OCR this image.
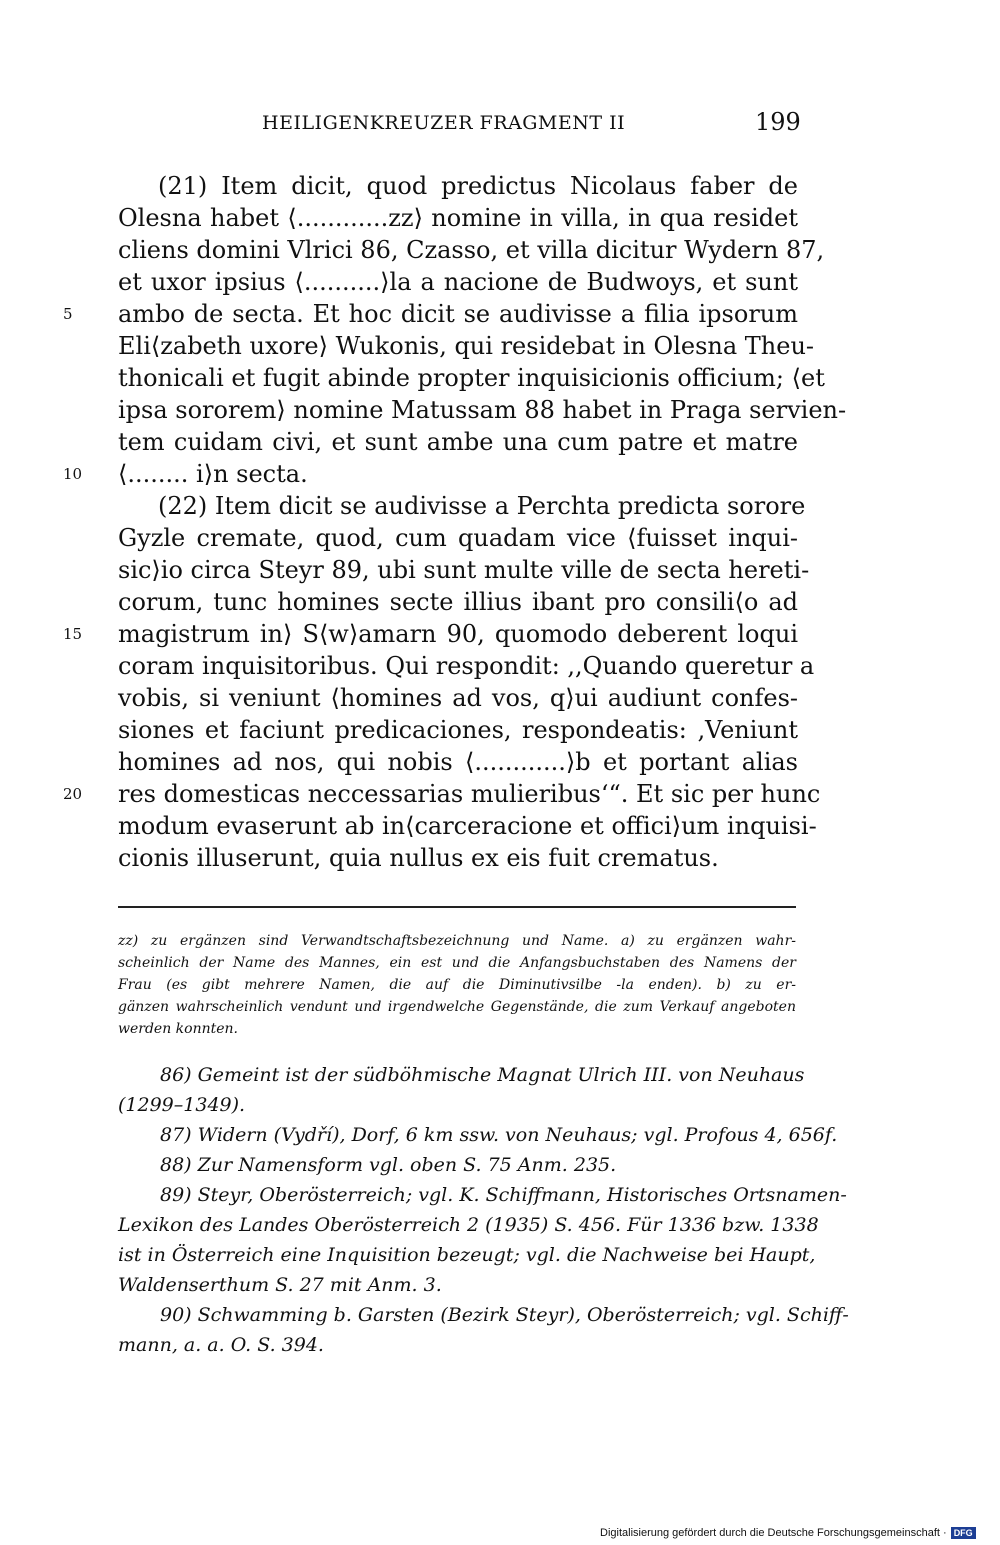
HEILIGENKREUZER FRAGMENT II	199
(21) Item dicit, quod predictus Nicolaus faber de
Olesna habet ⟨............zz⟩ nomine in villa, in qua residet
cliens domini Vlrici 86, Czasso, et villa dicitur Wydern 87,
et uxor ipsius ⟨..........⟩la a nacione de Budwoys, et sunt
5	ambo de secta. Et hoc dicit se audivisse a filia ipsorum
Eli⟨zabeth uxore⟩ Wukonis, qui residebat in Olesna Theu-
thonicali et fugit abinde propter inquisicionis officium; ⟨et
ipsa sororem⟩ nomine Matussam 88 habet in Praga servien-
tem cuidam civi, et sunt ambe una cum patre et matre
10	⟨........ i⟩n secta.
(22) Item dicit se audivisse a Perchta predicta sorore
Gyzle cremate, quod, cum quadam vice ⟨fuisset inqui-
sic⟩io circa Steyr 89, ubi sunt multe ville de secta hereti-
corum, tunc homines secte illius ibant pro consili⟨o ad
15	magistrum in⟩ S⟨w⟩amarn 90, quomodo deberent loqui
coram inquisitoribus. Qui respondit: ,,Quando queretur a
vobis, si veniunt ⟨homines ad vos, q⟩ui audiunt confes-
siones et faciunt predicaciones, respondeatis: ‚Veniunt
homines ad nos, qui nobis ⟨............⟩b et portant alias
20	res domesticas neccessarias mulieribus‘“. Et sic per hunc
modum evaserunt ab in⟨carceracione et offici⟩um inquisi-
cionis illuserunt, quia nullus ex eis fuit crematus.
zz) zu ergänzen sind Verwandtschaftsbezeichnung und Name. a) zu ergänzen wahr-
scheinlich der Name des Mannes, ein est und die Anfangsbuchstaben des Namens der
Frau (es gibt mehrere Namen, die auf die Diminutivsilbe -la enden). b) zu er-
gänzen wahrscheinlich vendunt und irgendwelche Gegenstände, die zum Verkauf angeboten
werden konnten.
86) Gemeint ist der südböhmische Magnat Ulrich III. von Neuhaus
(1299–1349).
87) Widern (Vydří), Dorf, 6 km ssw. von Neuhaus; vgl. Profous 4, 656f.
88) Zur Namensform vgl. oben S. 75 Anm. 235.
89) Steyr, Oberösterreich; vgl. K. Schiffmann, Historisches Ortsnamen-
Lexikon des Landes Oberösterreich 2 (1935) S. 456. Für 1336 bzw. 1338
ist in Österreich eine Inquisition bezeugt; vgl. die Nachweise bei Haupt,
Waldenserthum S. 27 mit Anm. 3.
90) Schwamming b. Garsten (Bezirk Steyr), Oberösterreich; vgl. Schiff-
mann, a. a. O. S. 394.
Digitalisierung gefördert durch die Deutsche Forschungsgemeinschaft · DFG
